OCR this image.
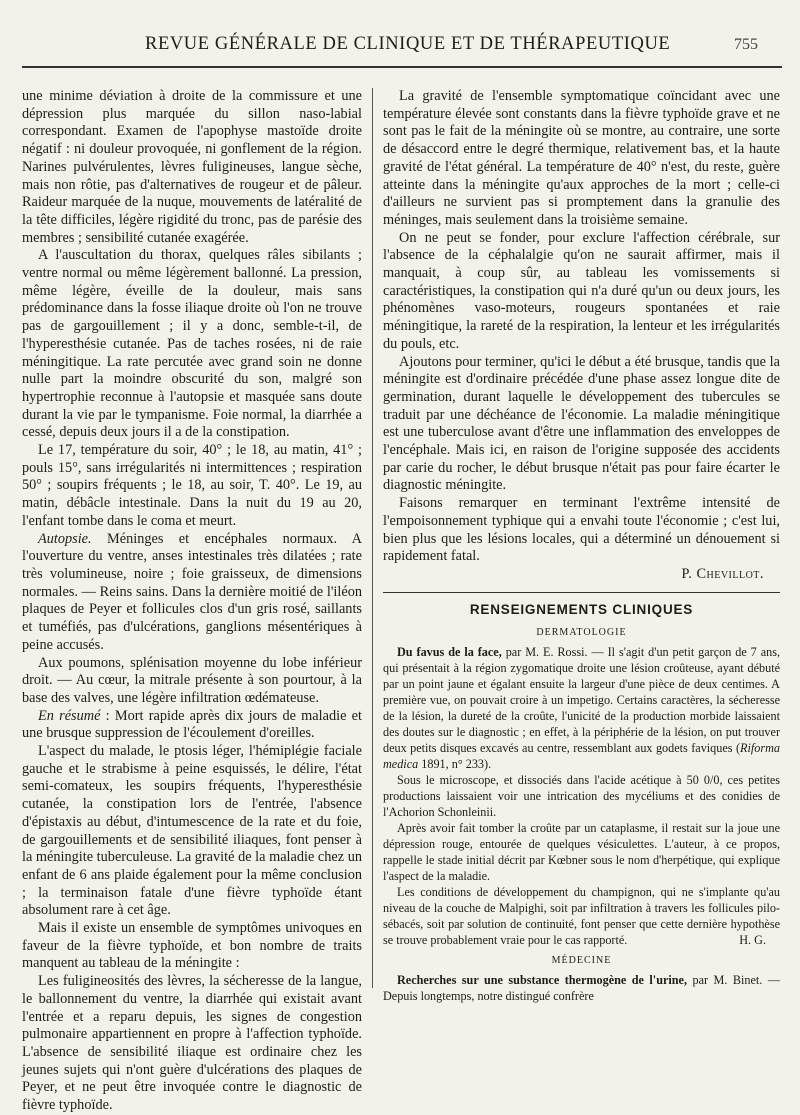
REVUE GÉNÉRALE DE CLINIQUE ET DE THÉRAPEUTIQUE	755

une minime déviation à droite de la commissure et une dépression plus marquée du sillon naso-labial correspondant. Examen de l'apophyse mastoïde droite négatif : ni douleur provoquée, ni gonflement de la région. Narines pulvérulentes, lèvres fuligineuses, langue sèche, mais non rôtie, pas d'alternatives de rougeur et de pâleur. Raideur marquée de la nuque, mouvements de latéralité de la tête difficiles, légère rigidité du tronc, pas de parésie des membres ; sensibilité cutanée exagérée.

A l'auscultation du thorax, quelques râles sibilants ; ventre normal ou même légèrement ballonné. La pression, même légère, éveille de la douleur, mais sans prédominance dans la fosse iliaque droite où l'on ne trouve pas de gargouillement ; il y a donc, semble-t-il, de l'hyperesthésie cutanée. Pas de taches rosées, ni de raie méningitique. La rate percutée avec grand soin ne donne nulle part la moindre obscurité du son, malgré son hypertrophie reconnue à l'autopsie et masquée sans doute durant la vie par le tympanisme. Foie normal, la diarrhée a cessé, depuis deux jours il a de la constipation.

Le 17, température du soir, 40° ; le 18, au matin, 41° ; pouls 15°, sans irrégularités ni intermittences ; respiration 50° ; soupirs fréquents ; le 18, au soir, T. 40°. Le 19, au matin, débâcle intestinale. Dans la nuit du 19 au 20, l'enfant tombe dans le coma et meurt.

Autopsie. Méninges et encéphales normaux. A l'ouverture du ventre, anses intestinales très dilatées ; rate très volumineuse, noire ; foie graisseux, de dimensions normales. — Reins sains. Dans la dernière moitié de l'iléon plaques de Peyer et follicules clos d'un gris rosé, saillants et tuméfiés, pas d'ulcérations, ganglions mésentériques à peine accusés.

Aux poumons, splénisation moyenne du lobe inférieur droit. — Au cœur, la mitrale présente à son pourtour, à la base des valves, une légère infiltration œdémateuse.

En résumé : Mort rapide après dix jours de maladie et une brusque suppression de l'écoulement d'oreilles.

L'aspect du malade, le ptosis léger, l'hémiplégie faciale gauche et le strabisme à peine esquissés, le délire, l'état semi-comateux, les soupirs fréquents, l'hyperesthésie cutanée, la constipation lors de l'entrée, l'absence d'épistaxis au début, d'intumescence de la rate et du foie, de gargouillements et de sensibilité iliaques, font penser à la méningite tuberculeuse. La gravité de la maladie chez un enfant de 6 ans plaide également pour la même conclusion ; la terminaison fatale d'une fièvre typhoïde étant absolument rare à cet âge.

Mais il existe un ensemble de symptômes univoques en faveur de la fièvre typhoïde, et bon nombre de traits manquent au tableau de la méningite :

Les fuligineosités des lèvres, la sécheresse de la langue, le ballonnement du ventre, la diarrhée qui existait avant l'entrée et a reparu depuis, les signes de congestion pulmonaire appartiennent en propre à l'affection typhoïde. L'absence de sensibilité iliaque est ordinaire chez les jeunes sujets qui n'ont guère d'ulcérations des plaques de Peyer, et ne peut être invoquée contre le diagnostic de fièvre typhoïde.

La gravité de l'ensemble symptomatique coïncidant avec une température élevée sont constants dans la fièvre typhoïde grave et ne sont pas le fait de la méningite où se montre, au contraire, une sorte de désaccord entre le degré thermique, relativement bas, et la haute gravité de l'état général. La température de 40° n'est, du reste, guère atteinte dans la méningite qu'aux approches de la mort ; celle-ci d'ailleurs ne survient pas si promptement dans la granulie des méninges, mais seulement dans la troisième semaine.

On ne peut se fonder, pour exclure l'affection cérébrale, sur l'absence de la céphalalgie qu'on ne saurait affirmer, mais il manquait, à coup sûr, au tableau les vomissements si caractéristiques, la constipation qui n'a duré qu'un ou deux jours, les phénomènes vaso-moteurs, rougeurs spontanées et raie méningitique, la rareté de la respiration, la lenteur et les irrégularités du pouls, etc.

Ajoutons pour terminer, qu'ici le début a été brusque, tandis que la méningite est d'ordinaire précédée d'une phase assez longue dite de germination, durant laquelle le développement des tubercules se traduit par une déchéance de l'économie. La maladie méningitique est une tuberculose avant d'être une inflammation des enveloppes de l'encéphale. Mais ici, en raison de l'origine supposée des accidents par carie du rocher, le début brusque n'était pas pour faire écarter le diagnostic méningite.

Faisons remarquer en terminant l'extrême intensité de l'empoisonnement typhique qui a envahi toute l'économie ; c'est lui, bien plus que les lésions locales, qui a déterminé un dénouement si rapidement fatal.

P. Chevillot.

RENSEIGNEMENTS CLINIQUES
DERMATOLOGIE

Du favus de la face, par M. E. Rossi. — Il s'agit d'un petit garçon de 7 ans, qui présentait à la région zygomatique droite une lésion croûteuse, ayant débuté par un point jaune et égalant ensuite la largeur d'une pièce de deux centimes. A première vue, on pouvait croire à un impetigo. Certains caractères, la sécheresse de la lésion, la dureté de la croûte, l'unicité de la production morbide laissaient des doutes sur le diagnostic ; en effet, à la périphérie de la lésion, on put trouver deux petits disques excavés au centre, ressemblant aux godets faviques (Riforma medica 1891, n° 233).

Sous le microscope, et dissociés dans l'acide acétique à 50 0/0, ces petites productions laissaient voir une intrication des mycéliums et des conidies de l'Achorion Schonleinii.

Après avoir fait tomber la croûte par un cataplasme, il restait sur la joue une dépression rouge, entourée de quelques vésiculettes. L'auteur, à ce propos, rappelle le stade initial décrit par Kœbner sous le nom d'herpétique, qui explique l'aspect de la maladie.

Les conditions de développement du champignon, qui ne s'implante qu'au niveau de la couche de Malpighi, soit par infiltration à travers les follicules pilo-sébacés, soit par solution de continuité, font penser que cette dernière hypothèse se trouve probablement vraie pour le cas rapporté.	H. G.

MÉDECINE

Recherches sur une substance thermogène de l'urine, par M. Binet. — Depuis longtemps, notre distingué confrère
